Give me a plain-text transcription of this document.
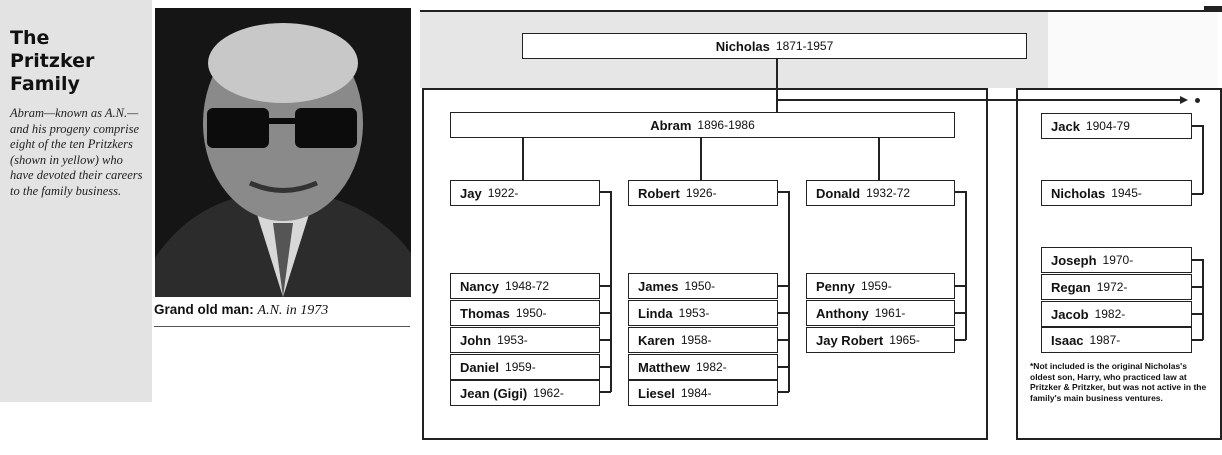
The
Pritzker
Family
Abram—known as A.N.—and his progeny comprise eight of the ten Pritzkers (shown in yellow) who have devoted their careers to the family business.
Grand old man: A.N. in 1973
Nicholas 1871-1957
Abram 1896-1986	Jack 1904-79
Jay 1922-	Robert 1926-	Donald 1932-72	Nicholas 1945-
Nancy 1948-72
Thomas 1950-
John 1953-
Daniel 1959-
Jean (Gigi) 1962-
James 1950-
Linda 1953-
Karen 1958-
Matthew 1982-
Liesel 1984-
Penny 1959-
Anthony 1961-
Jay Robert 1965-
Joseph 1970-
Regan 1972-
Jacob 1982-
Isaac 1987-
*Not included is the original Nicholas's oldest son, Harry, who practiced law at Pritzker & Pritzker, but was not active in the family's main business ventures.
